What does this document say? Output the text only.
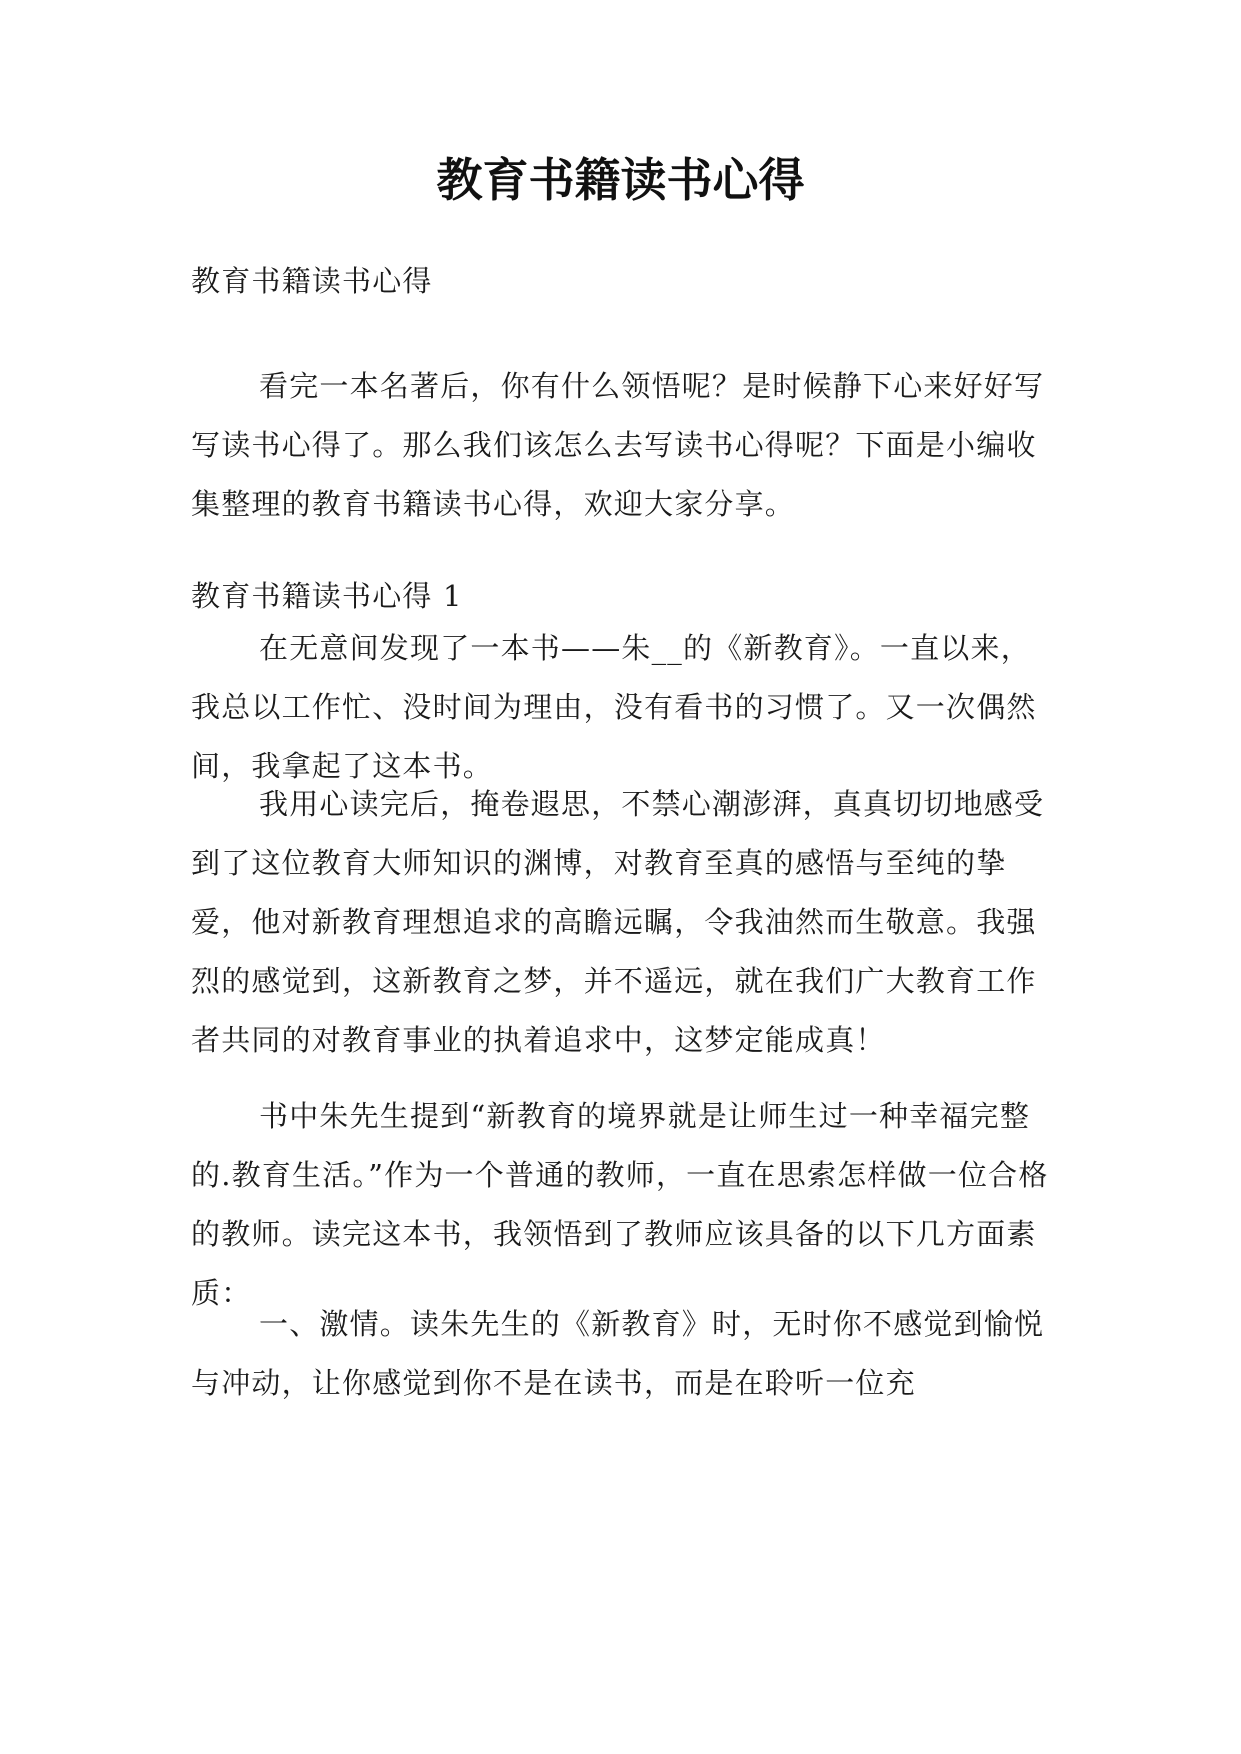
教育书籍读书心得

教育书籍读书心得

看完一本名著后，你有什么领悟呢？是时候静下心来好好写写读书心得了。那么我们该怎么去写读书心得呢？下面是小编收集整理的教育书籍读书心得，欢迎大家分享。

教育书籍读书心得 1

在无意间发现了一本书——朱__的《新教育》。一直以来，我总以工作忙、没时间为理由，没有看书的习惯了。又一次偶然间，我拿起了这本书。

我用心读完后，掩卷遐思，不禁心潮澎湃，真真切切地感受到了这位教育大师知识的渊博，对教育至真的感悟与至纯的挚爱，他对新教育理想追求的高瞻远瞩，令我油然而生敬意。我强烈的感觉到，这新教育之梦，并不遥远，就在我们广大教育工作者共同的对教育事业的执着追求中，这梦定能成真！

书中朱先生提到“新教育的境界就是让师生过一种幸福完整的.教育生活。”作为一个普通的教师，一直在思索怎样做一位合格的教师。读完这本书，我领悟到了教师应该具备的以下几方面素质：

一、激情。读朱先生的《新教育》时，无时你不感觉到愉悦与冲动，让你感觉到你不是在读书，而是在聆听一位充
